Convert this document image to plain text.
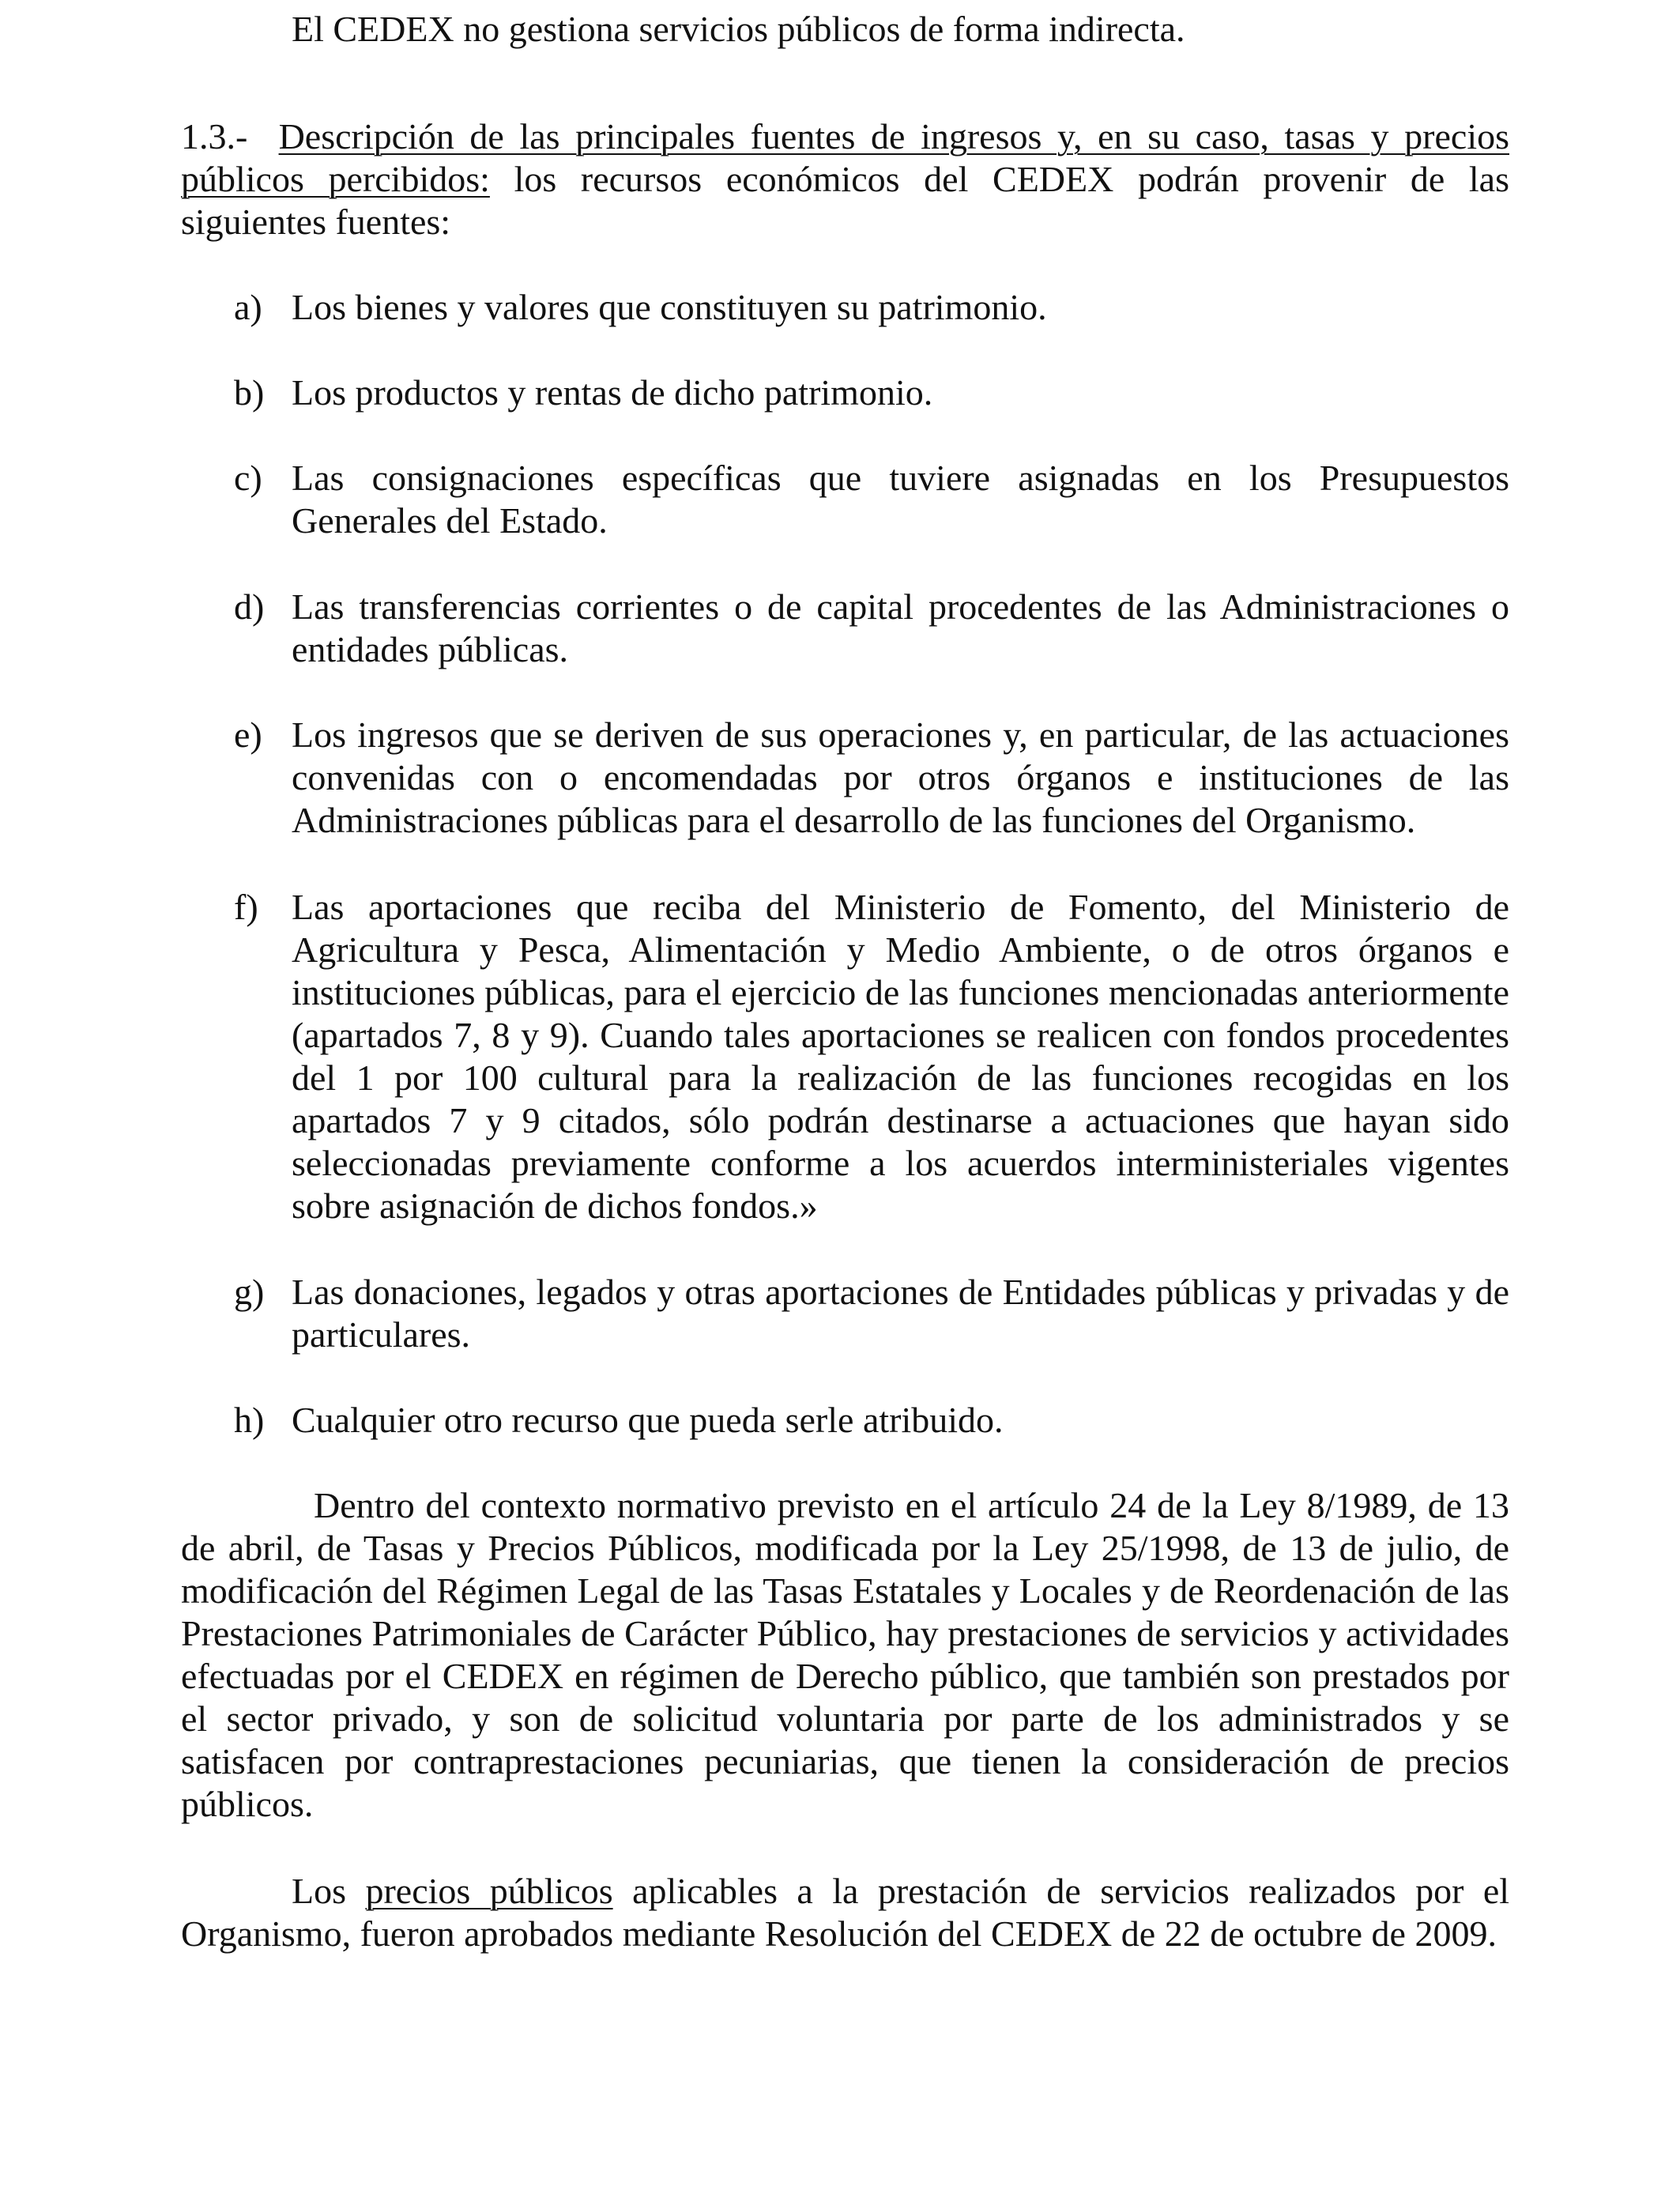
El CEDEX no gestiona servicios públicos de forma indirecta.

1.3.- Descripción de las principales fuentes de ingresos y, en su caso, tasas y precios públicos percibidos: los recursos económicos del CEDEX podrán provenir de las siguientes fuentes:

a) Los bienes y valores que constituyen su patrimonio.
b) Los productos y rentas de dicho patrimonio.
c) Las consignaciones específicas que tuviere asignadas en los Presupuestos Generales del Estado.
d) Las transferencias corrientes o de capital procedentes de las Administraciones o entidades públicas.
e) Los ingresos que se deriven de sus operaciones y, en particular, de las actuaciones convenidas con o encomendadas por otros órganos e instituciones de las Administraciones públicas para el desarrollo de las funciones del Organismo.
f) Las aportaciones que reciba del Ministerio de Fomento, del Ministerio de Agricultura y Pesca, Alimentación y Medio Ambiente, o de otros órganos e instituciones públicas, para el ejercicio de las funciones mencionadas anteriormente (apartados 7, 8 y 9). Cuando tales aportaciones se realicen con fondos procedentes del 1 por 100 cultural para la realización de las funciones recogidas en los apartados 7 y 9 citados, sólo podrán destinarse a actuaciones que hayan sido seleccionadas previamente conforme a los acuerdos interministeriales vigentes sobre asignación de dichos fondos.»
g) Las donaciones, legados y otras aportaciones de Entidades públicas y privadas y de particulares.
h) Cualquier otro recurso que pueda serle atribuido.

Dentro del contexto normativo previsto en el artículo 24 de la Ley 8/1989, de 13 de abril, de Tasas y Precios Públicos, modificada por la Ley 25/1998, de 13 de julio, de modificación del Régimen Legal de las Tasas Estatales y Locales y de Reordenación de las Prestaciones Patrimoniales de Carácter Público, hay prestaciones de servicios y actividades efectuadas por el CEDEX en régimen de Derecho público, que también son prestados por el sector privado, y son de solicitud voluntaria por parte de los administrados y se satisfacen por contraprestaciones pecuniarias, que tienen la consideración de precios públicos.

Los precios públicos aplicables a la prestación de servicios realizados por el Organismo, fueron aprobados mediante Resolución del CEDEX de 22 de octubre de 2009.
